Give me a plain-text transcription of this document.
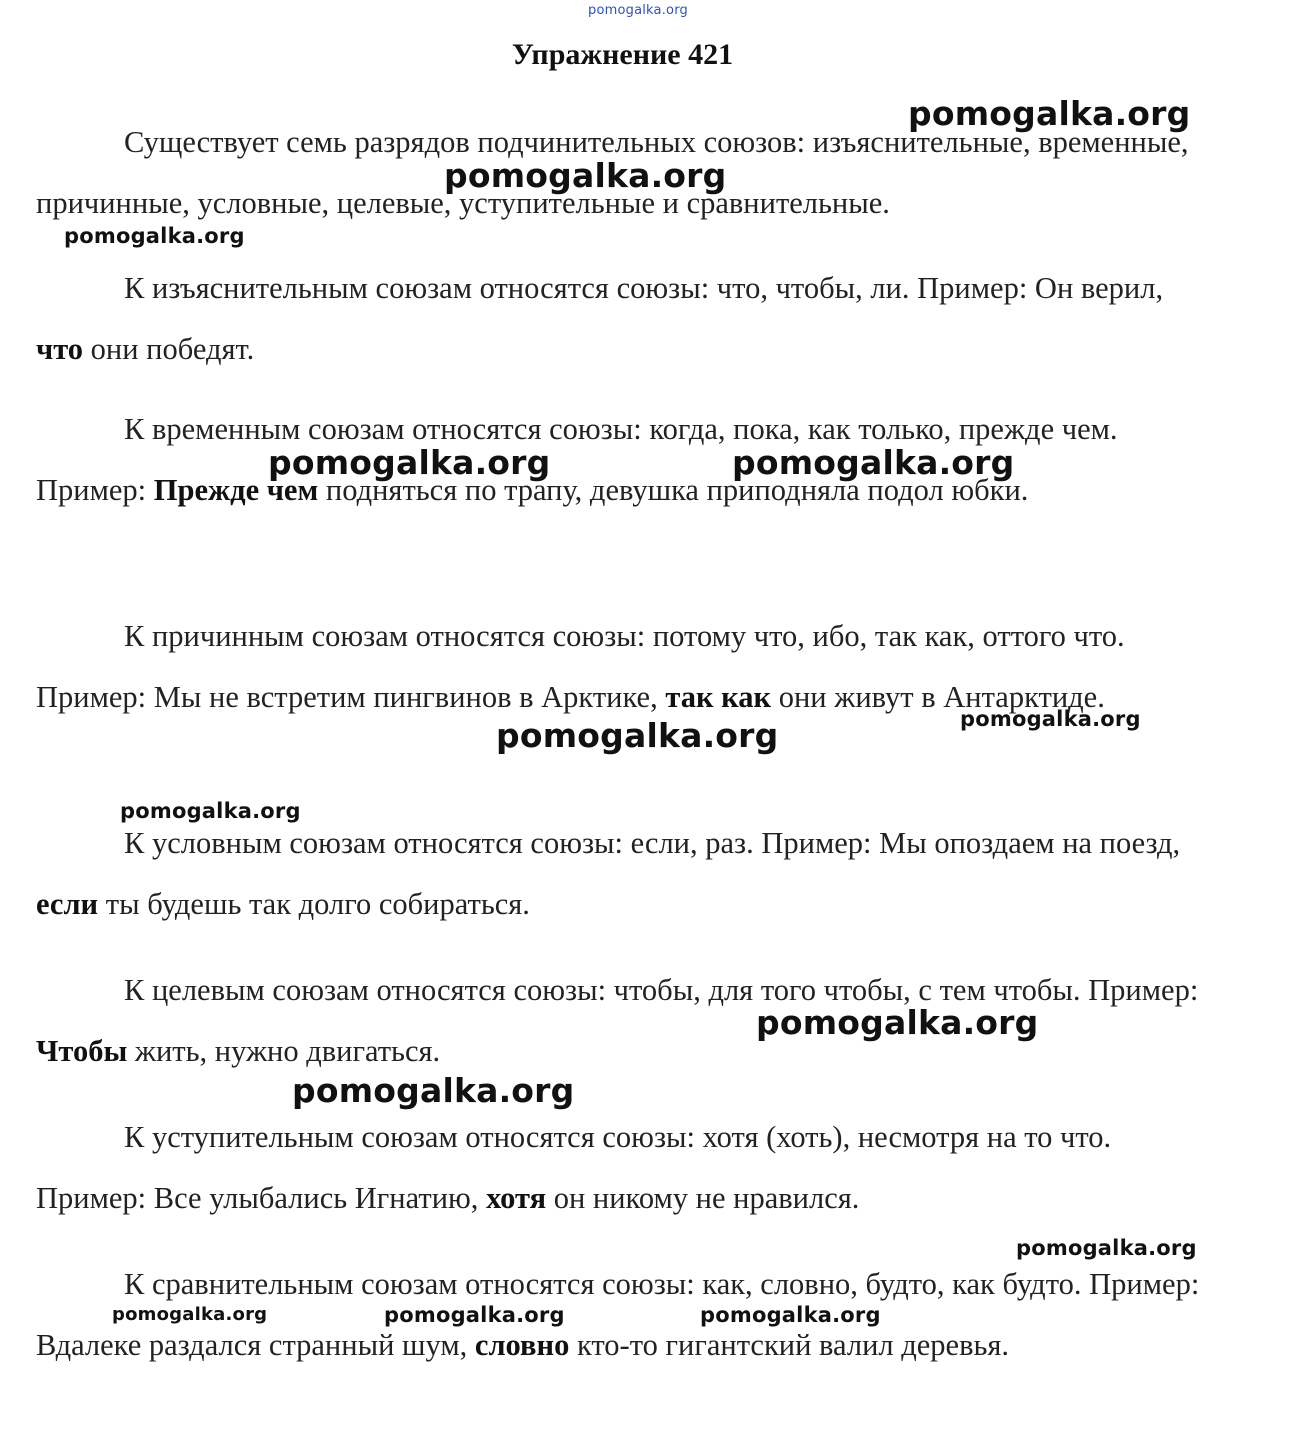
pomogalka.org
pomogalka.org
pomogalka.org
pomogalka.org
pomogalka.org	pomogalka.org
pomogalka.org
pomogalka.org
pomogalka.org
pomogalka.org
pomogalka.org
pomogalka.org
pomogalka.org	pomogalka.org	pomogalka.org
Упражнение 421

Существует семь разрядов подчинительных союзов: изъяснительные, временные, причинные, условные, целевые, уступительные и сравнительные.

К изъяснительным союзам относятся союзы: что, чтобы, ли. Пример: Он верил, что они победят.

К временным союзам относятся союзы: когда, пока, как только, прежде чем. Пример: Прежде чем подняться по трапу, девушка приподняла подол юбки.

К причинным союзам относятся союзы: потому что, ибо, так как, оттого что. Пример: Мы не встретим пингвинов в Арктике, так как они живут в Антарктиде.

К условным союзам относятся союзы: если, раз. Пример: Мы опоздаем на поезд, если ты будешь так долго собираться.

К целевым союзам относятся союзы: чтобы, для того чтобы, с тем чтобы. Пример: Чтобы жить, нужно двигаться.

К уступительным союзам относятся союзы: хотя (хоть), несмотря на то что. Пример: Все улыбались Игнатию, хотя он никому не нравился.

К сравнительным союзам относятся союзы: как, словно, будто, как будто. Пример: Вдалеке раздался странный шум, словно кто-то гигантский валил деревья.
